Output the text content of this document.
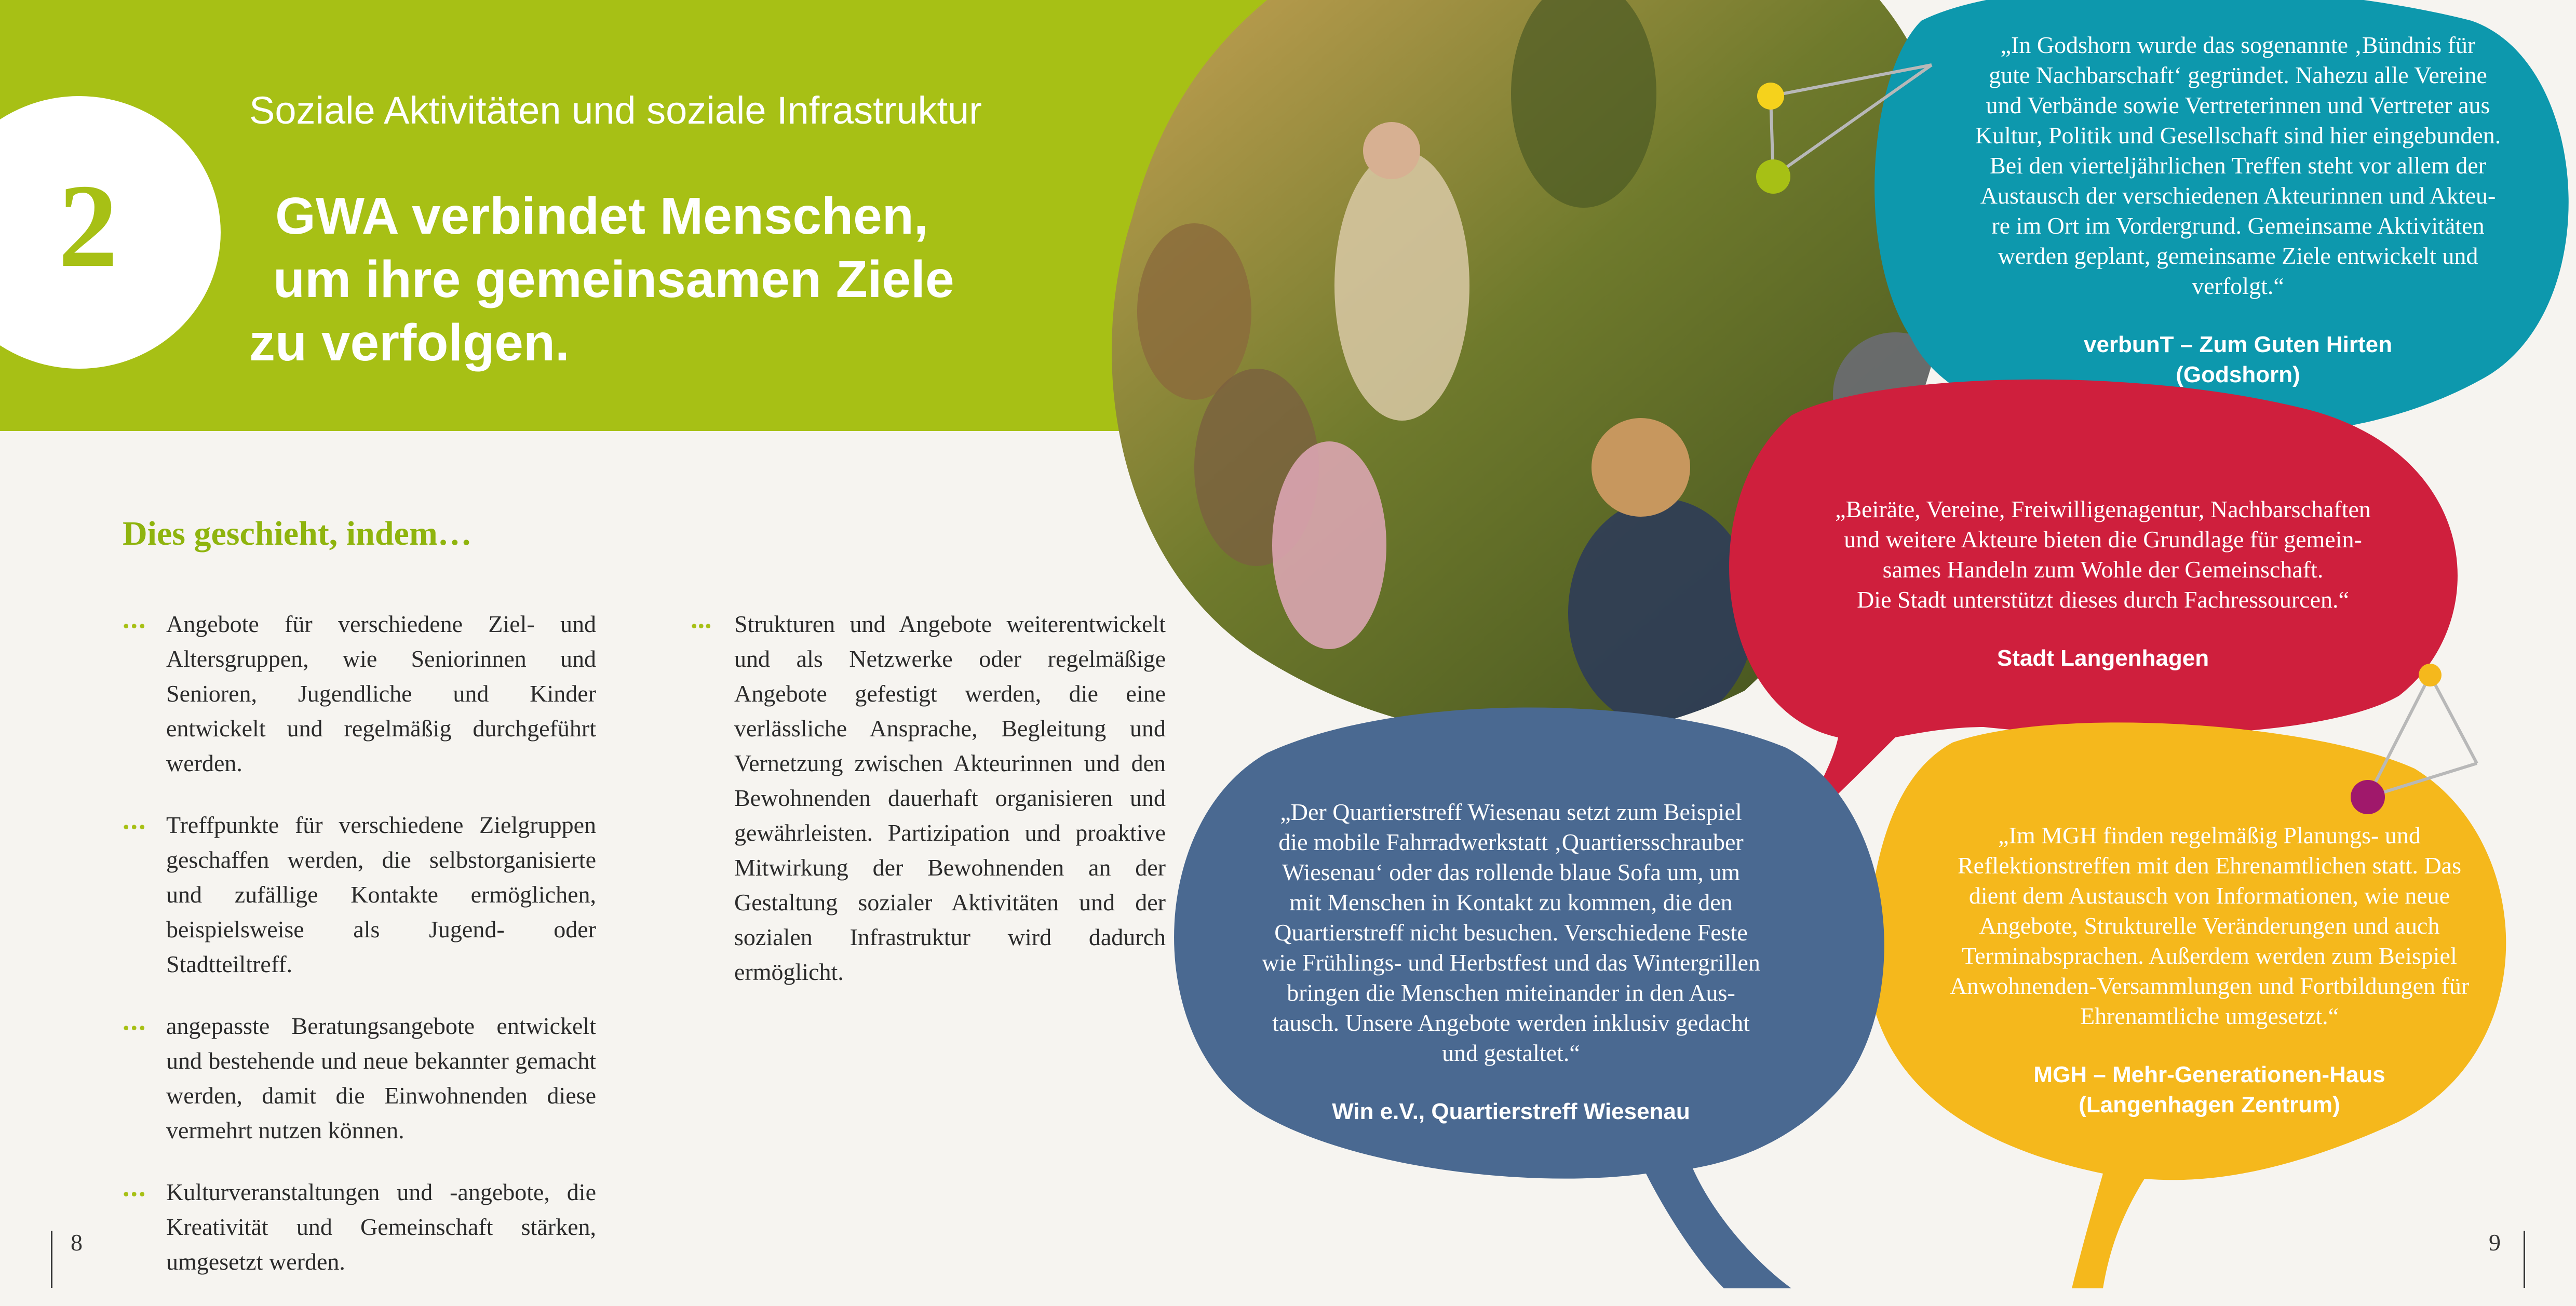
2
Soziale Aktivitäten und soziale Infrastruktur
GWA verbindet Menschen,
um ihre gemeinsamen Ziele
zu verfolgen.
Dies geschieht, indem…
... Angebote für verschiedene Ziel- und Altersgruppen, wie Seniorinnen und Senioren, Jugendliche und Kinder entwickelt und regelmäßig durchgeführt werden.
... Treffpunkte für verschiedene Zielgruppen geschaffen werden, die selbstorganisierte und zufällige Kontakte ermöglichen, beispielsweise als Jugend- oder Stadtteiltreff.
... angepasste Beratungsangebote entwickelt und bestehende und neue bekannter gemacht werden, damit die Einwohnenden diese vermehrt nutzen können.
... Kulturveranstaltungen und -angebote, die Kreativität und Gemeinschaft stärken, umgesetzt werden.

... Strukturen und Angebote weiterentwickelt und als Netzwerke oder regelmäßige Angebote gefestigt werden, die eine verlässliche Ansprache, Begleitung und Vernetzung zwischen Akteurinnen und den Bewohnenden dauerhaft organisieren und gewährleisten. Partizipation und proaktive Mitwirkung der Bewohnenden an der Gestaltung sozialer Aktivitäten und der sozialen Infrastruktur wird dadurch ermöglicht.

„In Godshorn wurde das sogenannte ‚Bündnis für
gute Nachbarschaft‘ gegründet. Nahezu alle Vereine
und Verbände sowie Vertreterinnen und Vertreter aus
Kultur, Politik und Gesellschaft sind hier eingebunden.
Bei den vierteljährlichen Treffen steht vor allem der
Austausch der verschiedenen Akteurinnen und Akteu-
re im Ort im Vordergrund. Gemeinsame Aktivitäten
werden geplant, gemeinsame Ziele entwickelt und
verfolgt.“
verbunT – Zum Guten Hirten
(Godshorn)
„Beiräte, Vereine, Freiwilligenagentur, Nachbarschaften
und weitere Akteure bieten die Grundlage für gemein-
sames Handeln zum Wohle der Gemeinschaft.
Die Stadt unterstützt dieses durch Fachressourcen.“
Stadt Langenhagen
„Der Quartierstreff Wiesenau setzt zum Beispiel
die mobile Fahrradwerkstatt ‚Quartiersschrauber
Wiesenau‘ oder das rollende blaue Sofa um, um
mit Menschen in Kontakt zu kommen, die den
Quartierstreff nicht besuchen. Verschiedene Feste
wie Frühlings- und Herbstfest und das Wintergrillen
bringen die Menschen miteinander in den Aus-
tausch. Unsere Angebote werden inklusiv gedacht
und gestaltet.“
Win e.V., Quartierstreff Wiesenau
„Im MGH finden regelmäßig Planungs- und
Reflektionstreffen mit den Ehrenamtlichen statt. Das
dient dem Austausch von Informationen, wie neue
Angebote, Strukturelle Veränderungen und auch
Terminabsprachen. Außerdem werden zum Beispiel
Anwohnenden-Versammlungen und Fortbildungen für
Ehrenamtliche umgesetzt.“
MGH – Mehr-Generationen-Haus
(Langenhagen Zentrum)
8	9
